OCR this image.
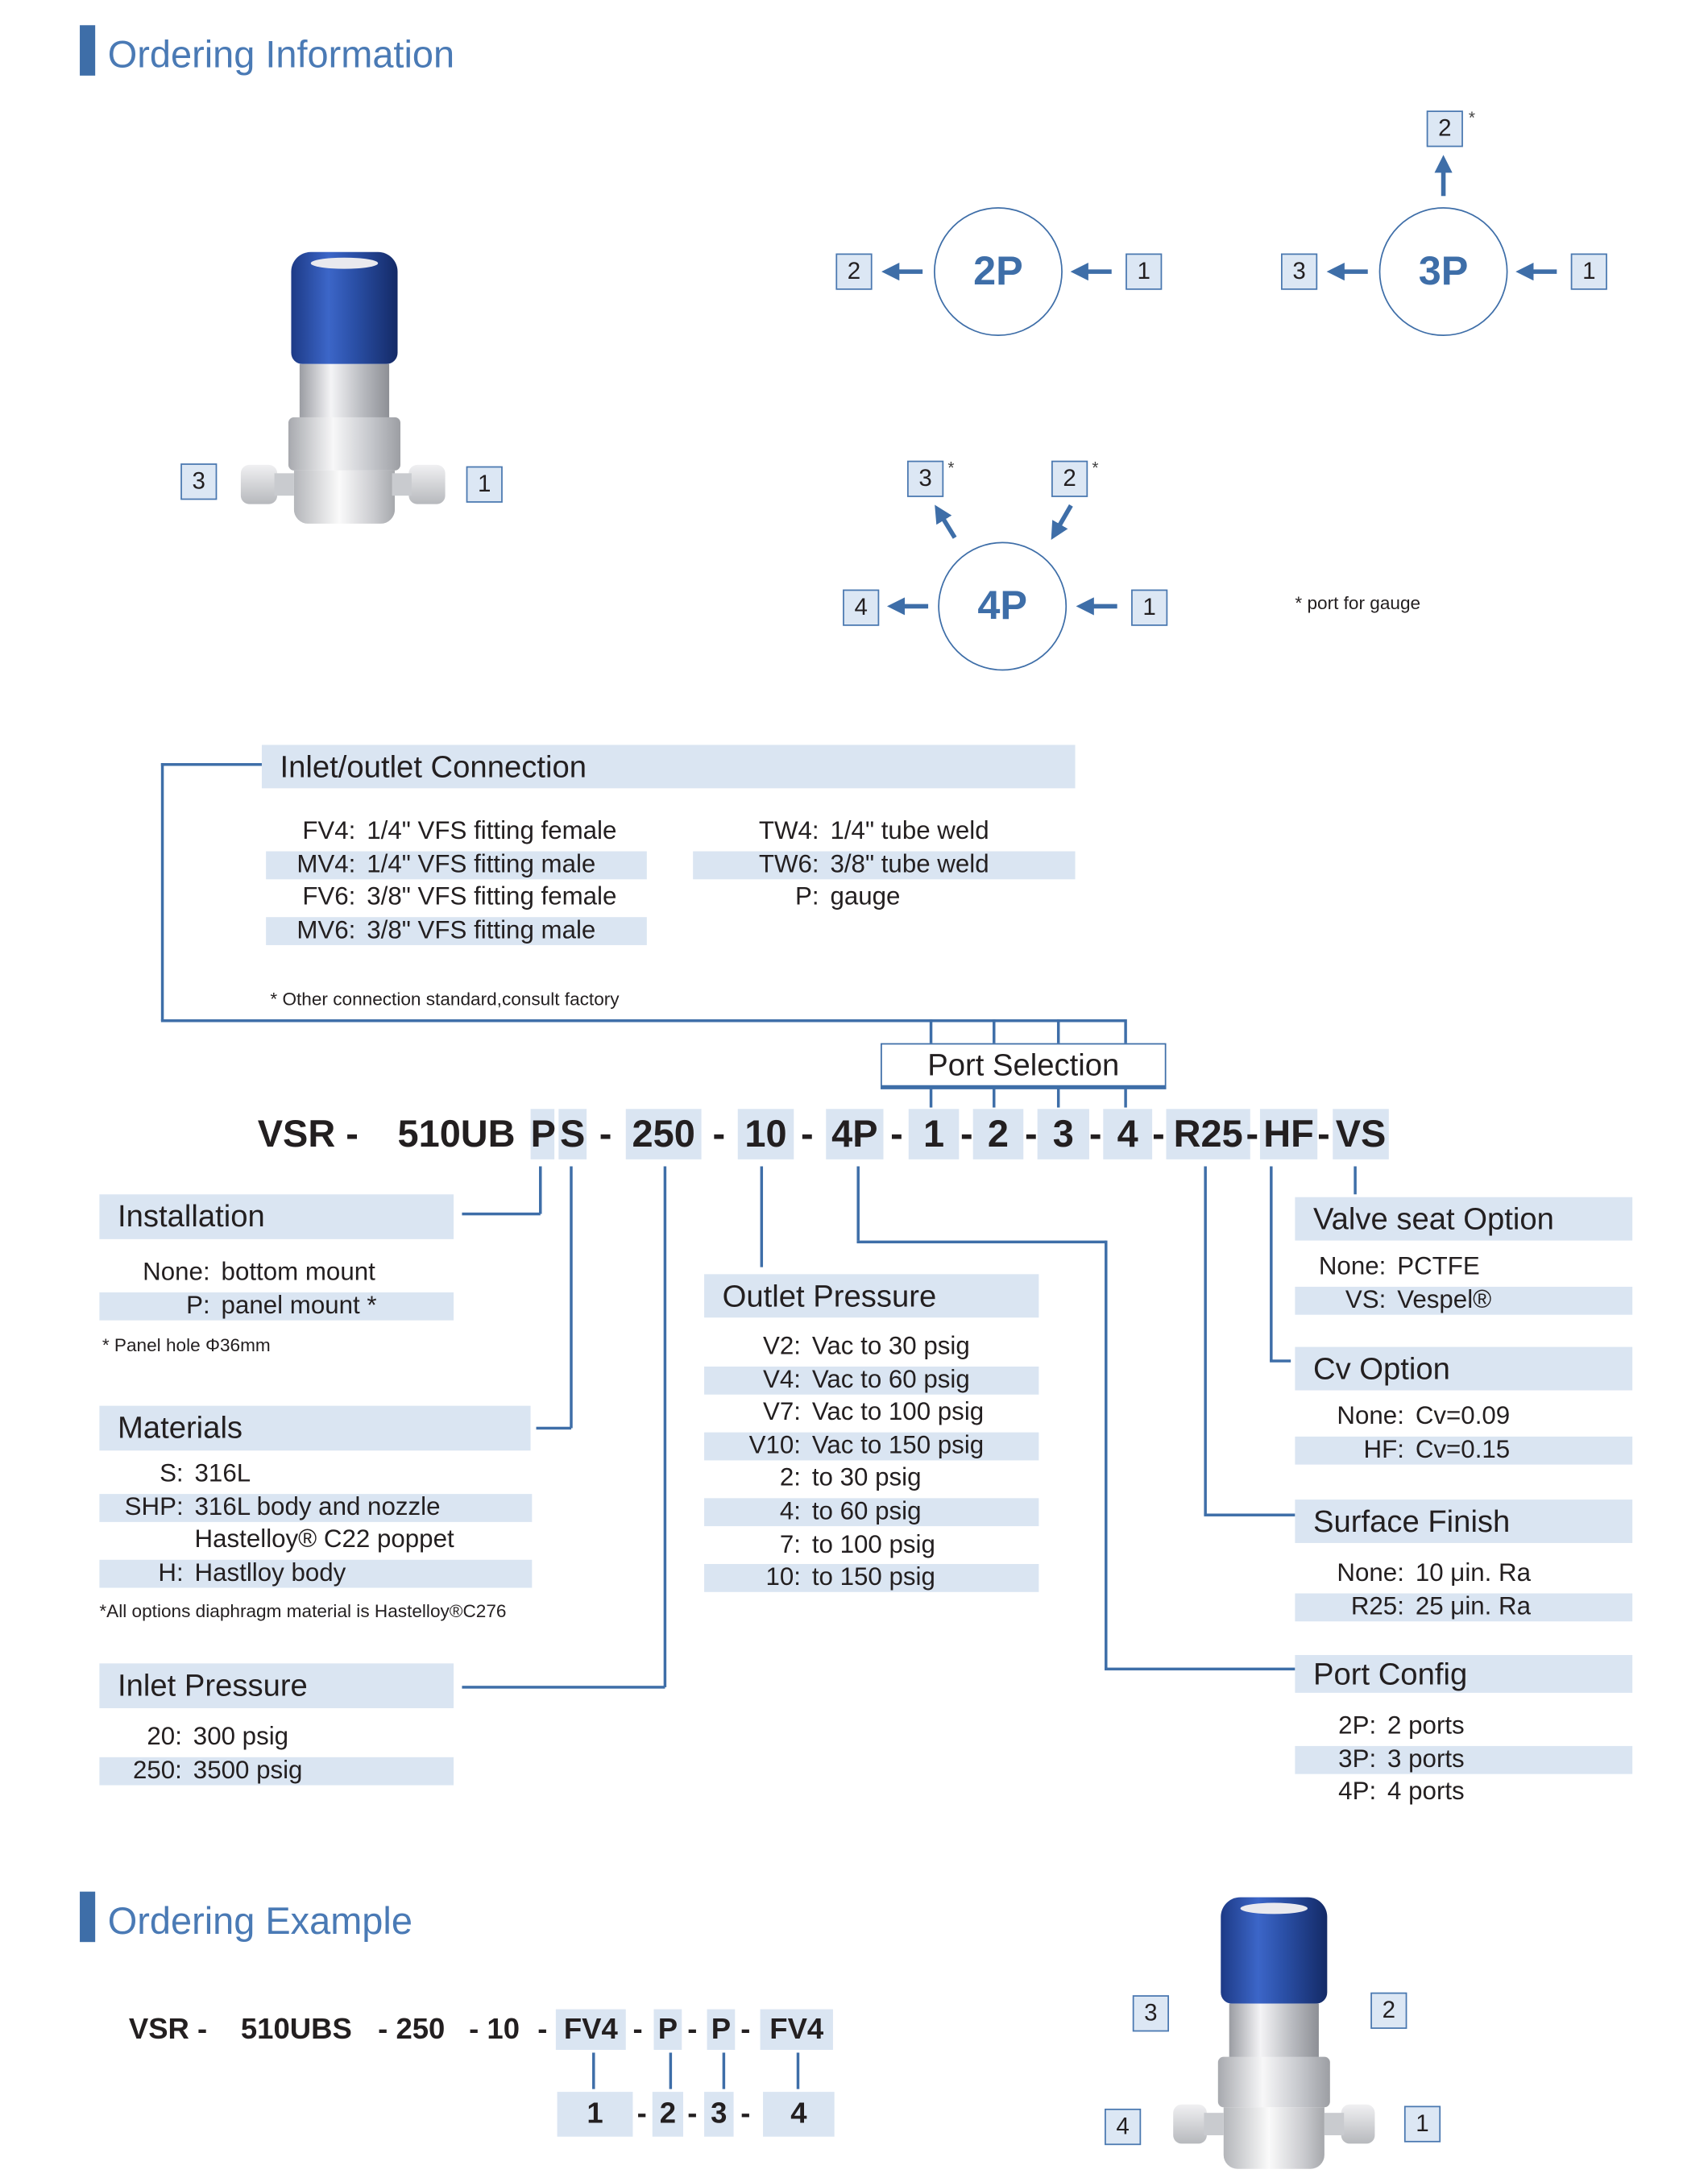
Ordering Information
3	1
2P
2	1	3P
3	1
2	*
4P
4	1
3	*	2	*
* port for gauge
Inlet/outlet Connection
FV4: 1/4" VFS fitting female
MV4: 1/4" VFS fitting male
FV6: 3/8" VFS fitting female
MV6: 3/8" VFS fitting male
TW4: 1/4" tube weld
TW6: 3/8" tube weld
P: gauge
* Other connection standard,consult factory
Port Selection
VSR - 510UB P S - 250 - 10 - 4P - 1 - 2 - 3 - 4 - R25 - HF - VS
Installation
None: bottom mount
P: panel mount *
* Panel hole Φ36mm
Materials
S: 316L
SHP: 316L body and nozzle
Hastelloy® C22 poppet
H: Hastlloy body
*All options diaphragm material is Hastelloy®C276
Inlet Pressure
20: 300 psig
250: 3500 psig
Outlet Pressure
V2: Vac to 30 psig
V4: Vac to 60 psig
V7: Vac to 100 psig
V10: Vac to 150 psig
2: to 30 psig
4: to 60 psig
7: to 100 psig
10: to 150 psig
Valve seat Option
None: PCTFE
VS: Vespel®
Cv Option
None: Cv=0.09
HF: Cv=0.15
Surface Finish
None: 10 μin. Ra
R25: 25 μin. Ra
Port Config
2P: 2 ports
3P: 3 ports
4P: 4 ports
Ordering Example
VSR - 510UBS - 250 - 10 - FV4 - P - P -	FV4
1	- 2 - 3 -	4
3	2
4	1
